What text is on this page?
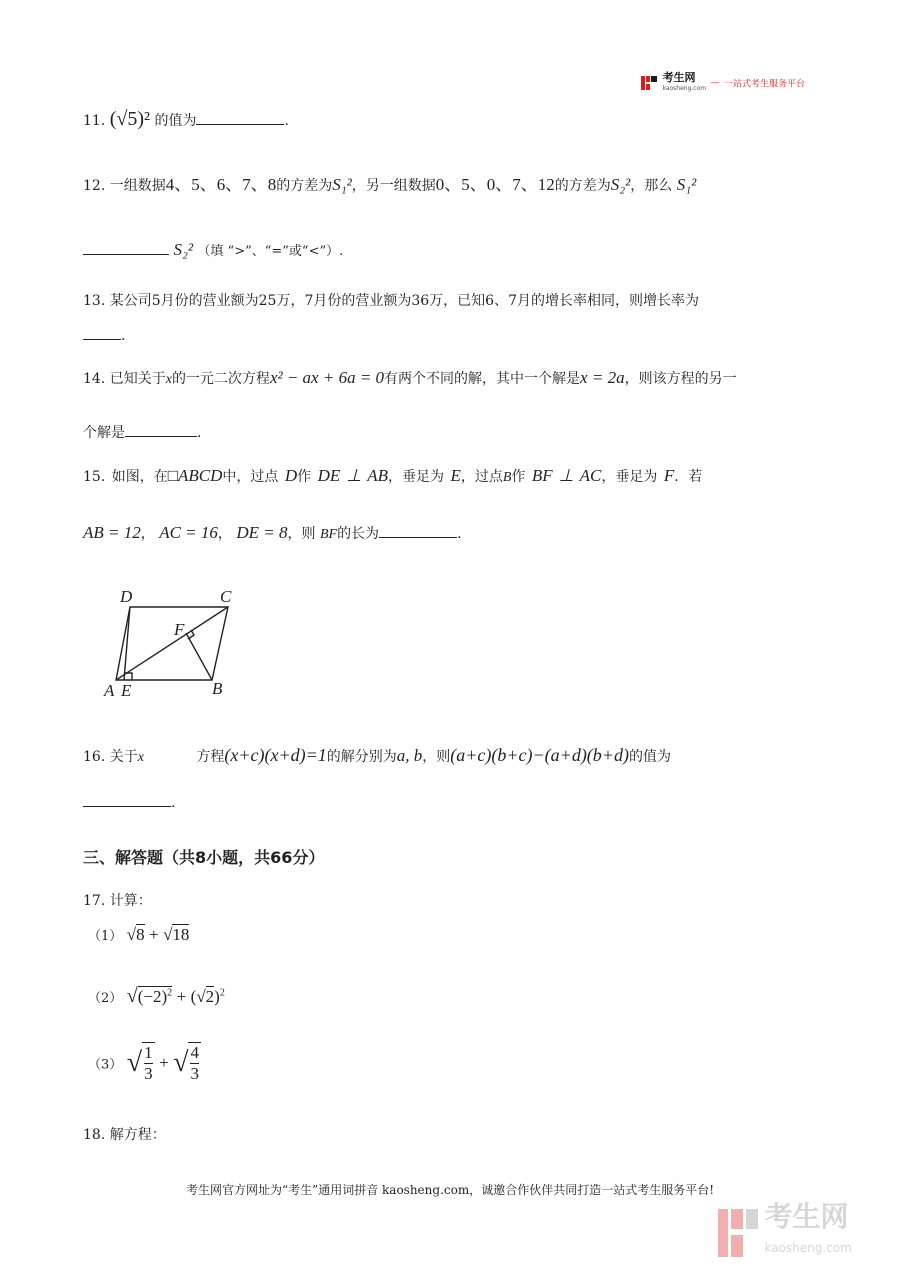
考生网
kaosheng.com — 一站式考生服务平台
11. (√5)² 的值为	.
12. 一组数据4、5、6、7、8的方差为S₁²，另一组数据0、5、0、7、12的方差为S₂²，那么 S₁²
S₂² （填 “>”、“=”或“<”）.
13. 某公司5月份的营业额为25万，7月份的营业额为36万，已知6、7月的增长率相同，则增长率为
.
14. 已知关于x的一元二次方程x² − ax + 6a = 0有两个不同的解，其中一个解是x = 2a，则该方程的另一
个解是	.
15. 如图，在□ABCD中，过点 D作 DE ⊥ AB，垂足为 E，过点B作 BF ⊥ AC，垂足为 F．若
AB = 12， AC = 16， DE = 8，则 BF的长为	.
D	C
F
A E	B
16. 关于x	方程(x+c)(x+d)=1的解分别为a, b，则(a+c)(b+c)−(a+d)(b+d)的值为
.
三、解答题（共8小题，共66分）
17. 计算：
（1） √8 + √18
（2） $√(-2)^2 + (√2)^2$
（3） $√\frac{1}{3} + √\frac{4}{3}$
18. 解方程：
考生网官方网址为“考生”通用词拼音 kaosheng.com，诚邀合作伙伴共同打造一站式考生服务平台!
考生网
kaosheng.com
